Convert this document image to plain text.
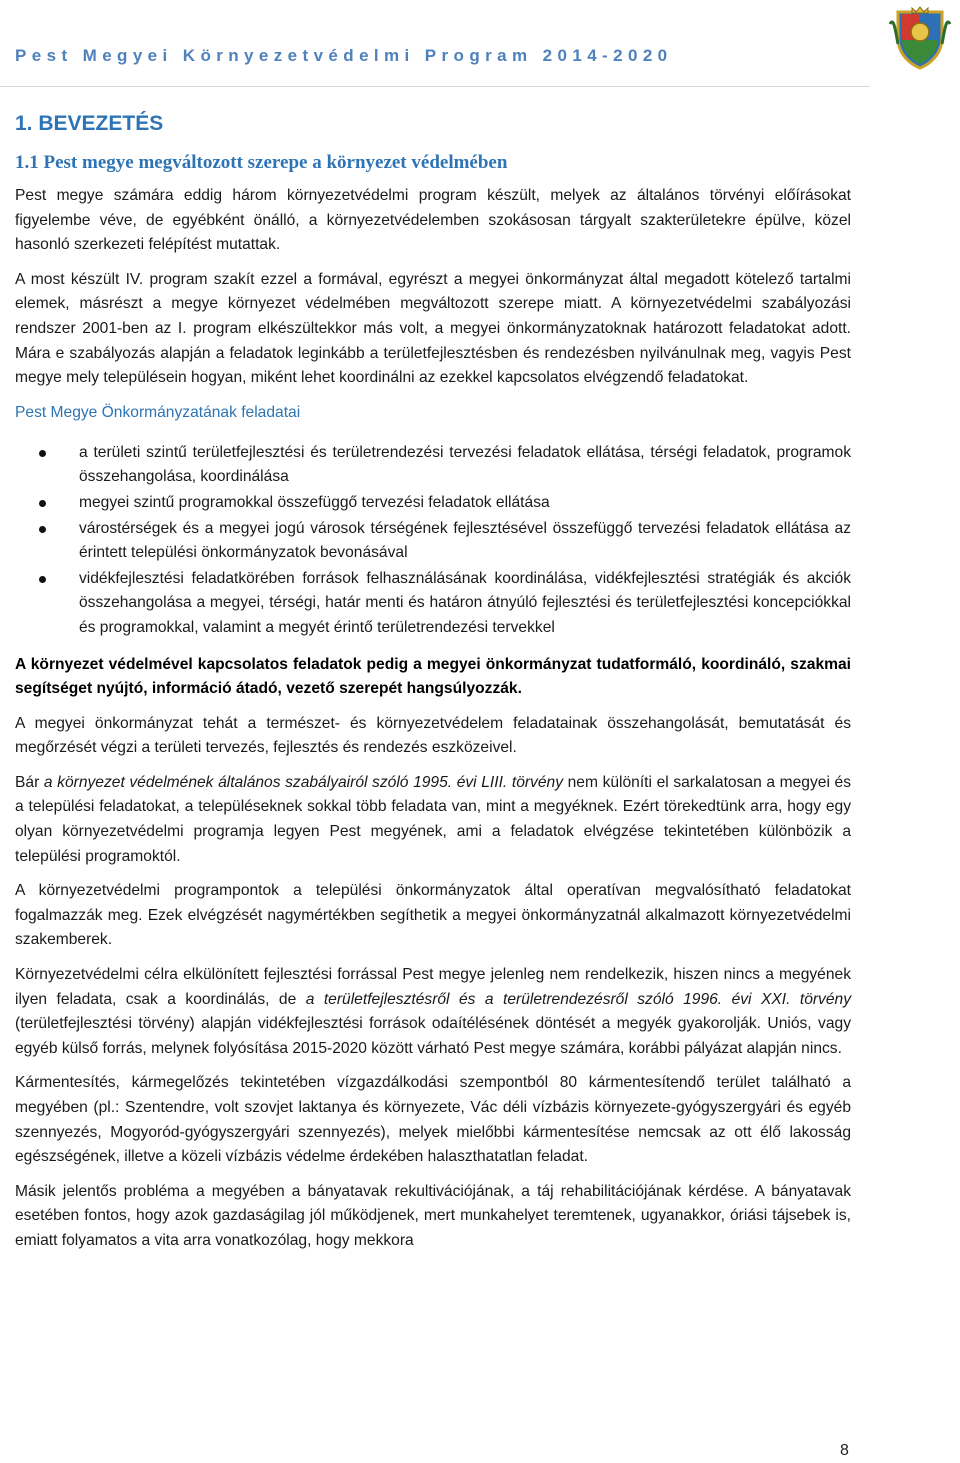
Pest Megyei Környezetvédelmi Program 2014-2020
1. BEVEZETÉS
1.1 Pest megye megváltozott szerepe a környezet védelmében

Pest megye számára eddig három környezetvédelmi program készült, melyek az általános törvényi előírásokat figyelembe véve, de egyébként önálló, a környezetvédelemben szokásosan tárgyalt szakterületekre épülve, közel hasonló szerkezeti felépítést mutattak.

A most készült IV. program szakít ezzel a formával, egyrészt a megyei önkormányzat által megadott kötelező tartalmi elemek, másrészt a megye környezet védelmében megváltozott szerepe miatt. A környezetvédelmi szabályozási rendszer 2001-ben az I. program elkészültekkor más volt, a megyei önkormányzatoknak határozott feladatokat adott. Mára e szabályozás alapján a feladatok leginkább a területfejlesztésben és rendezésben nyilvánulnak meg, vagyis Pest megye mely településein hogyan, miként lehet koordinálni az ezekkel kapcsolatos elvégzendő feladatokat.

Pest Megye Önkormányzatának feladatai
a területi szintű területfejlesztési és területrendezési tervezési feladatok ellátása, térségi feladatok, programok összehangolása, koordinálása
megyei szintű programokkal összefüggő tervezési feladatok ellátása
várostérségek és a megyei jogú városok térségének fejlesztésével összefüggő tervezési feladatok ellátása az érintett települési önkormányzatok bevonásával
vidékfejlesztési feladatkörében források felhasználásának koordinálása, vidékfejlesztési stratégiák és akciók összehangolása a megyei, térségi, határ menti és határon átnyúló fejlesztési és területfejlesztési koncepciókkal és programokkal, valamint a megyét érintő területrendezési tervekkel

A környezet védelmével kapcsolatos feladatok pedig a megyei önkormányzat tudatformáló, koordináló, szakmai segítséget nyújtó, információ átadó, vezető szerepét hangsúlyozzák.

A megyei önkormányzat tehát a természet- és környezetvédelem feladatainak összehangolását, bemutatását és megőrzését végzi a területi tervezés, fejlesztés és rendezés eszközeivel.

Bár a környezet védelmének általános szabályairól szóló 1995. évi LIII. törvény nem különíti el sarkalatosan a megyei és a települési feladatokat, a településeknek sokkal több feladata van, mint a megyéknek. Ezért törekedtünk arra, hogy egy olyan környezetvédelmi programja legyen Pest megyének, ami a feladatok elvégzése tekintetében különbözik a települési programoktól.

A környezetvédelmi programpontok a települési önkormányzatok által operatívan megvalósítható feladatokat fogalmazzák meg. Ezek elvégzését nagymértékben segíthetik a megyei önkormányzatnál alkalmazott környezetvédelmi szakemberek.

Környezetvédelmi célra elkülönített fejlesztési forrással Pest megye jelenleg nem rendelkezik, hiszen nincs a megyének ilyen feladata, csak a koordinálás, de a területfejlesztésről és a területrendezésről szóló 1996. évi XXI. törvény (területfejlesztési törvény) alapján vidékfejlesztési források odaítélésének döntését a megyék gyakorolják. Uniós, vagy egyéb külső forrás, melynek folyósítása 2015-2020 között várható Pest megye számára, korábbi pályázat alapján nincs.

Kármentesítés, kármegelőzés tekintetében vízgazdálkodási szempontból 80 kármentesítendő terület található a megyében (pl.: Szentendre, volt szovjet laktanya és környezete, Vác déli vízbázis környezete-gyógyszergyári és egyéb szennyezés, Mogyoród-gyógyszergyári szennyezés), melyek mielőbbi kármentesítése nemcsak az ott élő lakosság egészségének, illetve a közeli vízbázis védelme érdekében halaszthatatlan feladat.

Másik jelentős probléma a megyében a bányatavak rekultivációjának, a táj rehabilitációjának kérdése. A bányatavak esetében fontos, hogy azok gazdaságilag jól működjenek, mert munkahelyet teremtenek, ugyanakkor, óriási tájsebek is, emiatt folyamatos a vita arra vonatkozólag, hogy mekkora

8
